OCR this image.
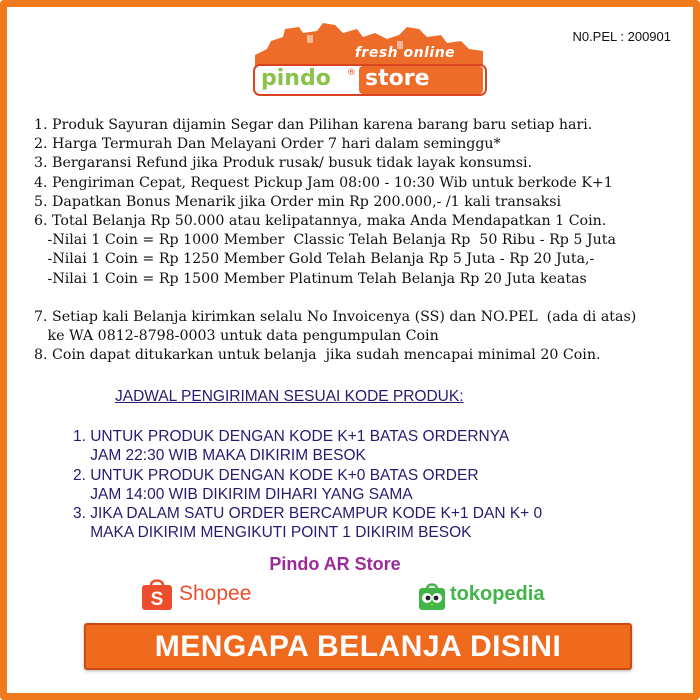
N0.PEL : 200901
fresh online
pindo ® store
1. Produk Sayuran dijamin Segar dan Pilihan karena barang baru setiap hari.
2. Harga Termurah Dan Melayani Order 7 hari dalam seminggu*
3. Bergaransi Refund jika Produk rusak/ busuk tidak layak konsumsi.
4. Pengiriman Cepat, Request Pickup Jam 08:00 - 10:30 Wib untuk berkode K+1
5. Dapatkan Bonus Menarik jika Order min Rp 200.000,- /1 kali transaksi
6. Total Belanja Rp 50.000 atau kelipatannya, maka Anda Mendapatkan 1 Coin.
-Nilai 1 Coin = Rp 1000 Member  Classic Telah Belanja Rp  50 Ribu - Rp 5 Juta
-Nilai 1 Coin = Rp 1250 Member Gold Telah Belanja Rp 5 Juta - Rp 20 Juta,-
-Nilai 1 Coin = Rp 1500 Member Platinum Telah Belanja Rp 20 Juta keatas
7. Setiap kali Belanja kirimkan selalu No Invoicenya (SS) dan NO.PEL  (ada di atas)
ke WA 0812-8798-0003 untuk data pengumpulan Coin
8. Coin dapat ditukarkan untuk belanja  jika sudah mencapai minimal 20 Coin.
JADWAL PENGIRIMAN SESUAI KODE PRODUK:
1. UNTUK PRODUK DENGAN KODE K+1 BATAS ORDERNYA
JAM 22:30 WIB MAKA DIKIRIM BESOK
2. UNTUK PRODUK DENGAN KODE K+0 BATAS ORDER
JAM 14:00 WIB DIKIRIM DIHARI YANG SAMA
3. JIKA DALAM SATU ORDER BERCAMPUR KODE K+1 DAN K+ 0
MAKA DIKIRIM MENGIKUTI POINT 1 DIKIRIM BESOK
Pindo AR Store
S Shopee	tokopedia
MENGAPA BELANJA DISINI
